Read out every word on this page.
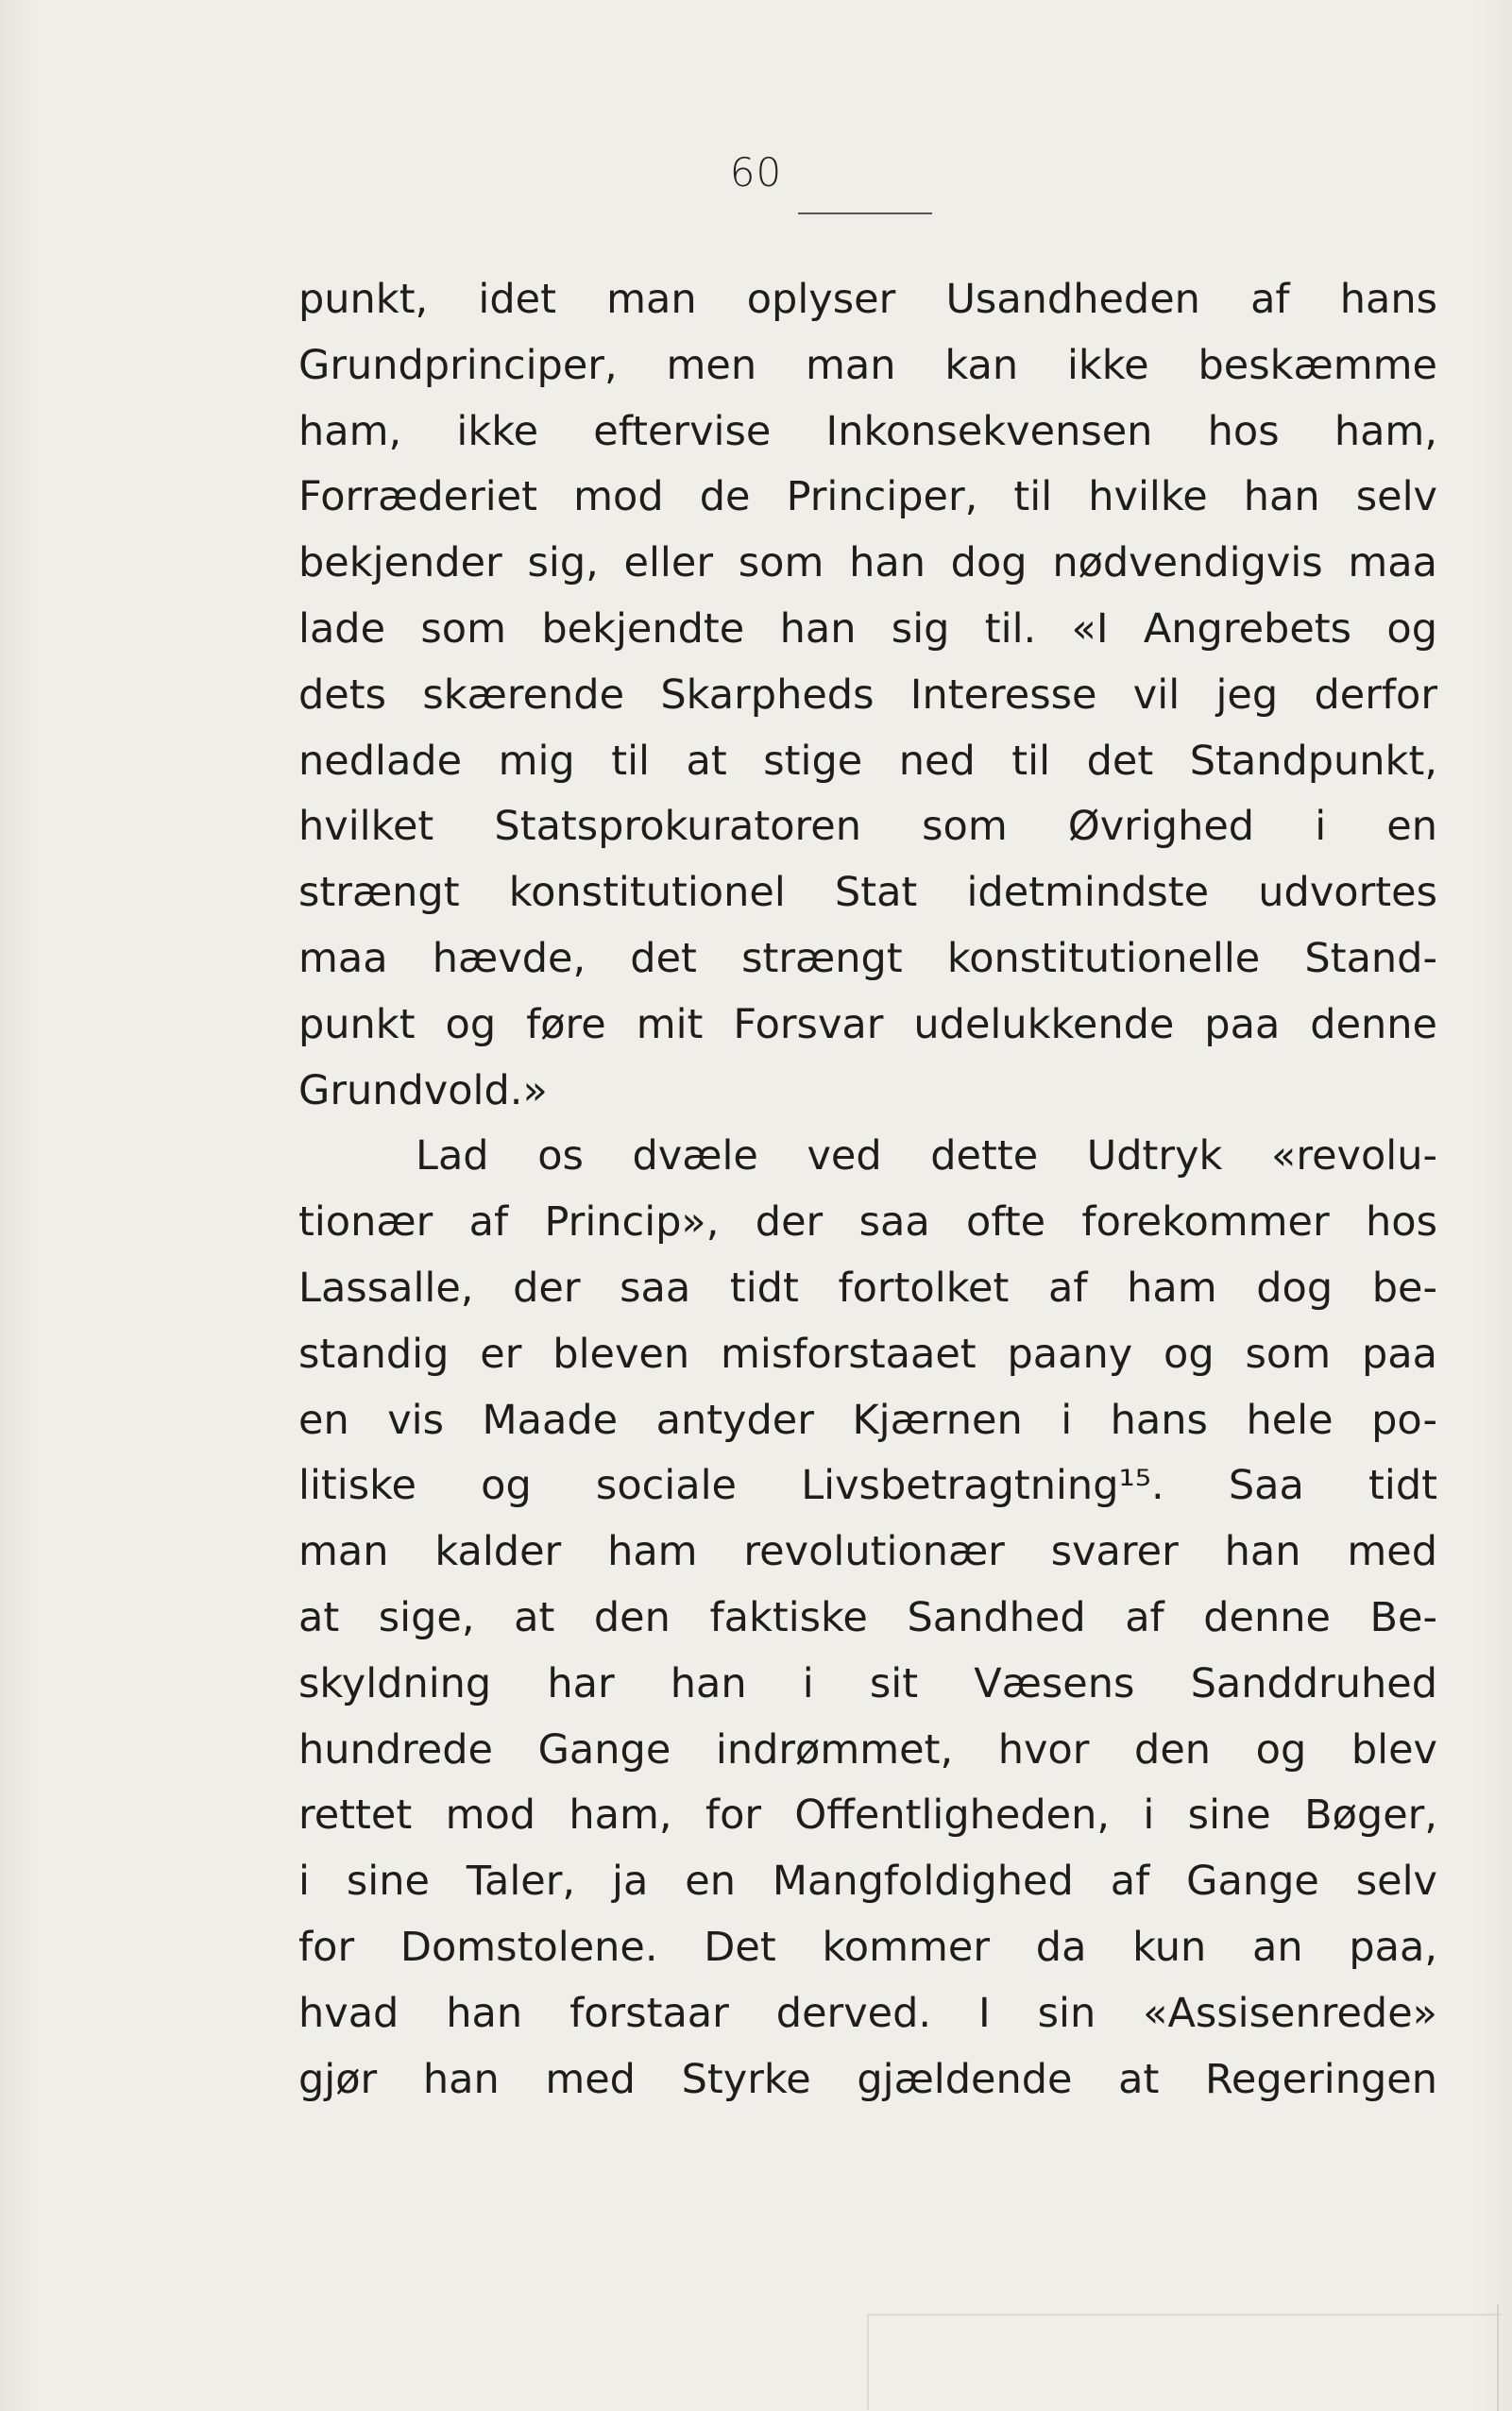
60
punkt, idet man oplyser Usandheden af hans
Grundprinciper, men man kan ikke beskæmme
ham, ikke eftervise Inkonsekvensen hos ham,
Forræderiet mod de Principer, til hvilke han selv
bekjender sig, eller som han dog nødvendigvis maa
lade som bekjendte han sig til. «I Angrebets og
dets skærende Skarpheds Interesse vil jeg derfor
nedlade mig til at stige ned til det Standpunkt,
hvilket Statsprokuratoren som Øvrighed i en
strængt konstitutionel Stat idetmindste udvortes
maa hævde, det strængt konstitutionelle Stand-
punkt og føre mit Forsvar udelukkende paa denne
Grundvold.»
Lad os dvæle ved dette Udtryk «revolu-
tionær af Princip», der saa ofte forekommer hos
Lassalle, der saa tidt fortolket af ham dog be-
standig er bleven misforstaaet paany og som paa
en vis Maade antyder Kjærnen i hans hele po-
litiske og sociale Livsbetragtning¹⁵. Saa tidt
man kalder ham revolutionær svarer han med
at sige, at den faktiske Sandhed af denne Be-
skyldning har han i sit Væsens Sanddruhed
hundrede Gange indrømmet, hvor den og blev
rettet mod ham, for Offentligheden, i sine Bøger,
i sine Taler, ja en Mangfoldighed af Gange selv
for Domstolene. Det kommer da kun an paa,
hvad han forstaar derved. I sin «Assisenrede»
gjør han med Styrke gjældende at Regeringen
